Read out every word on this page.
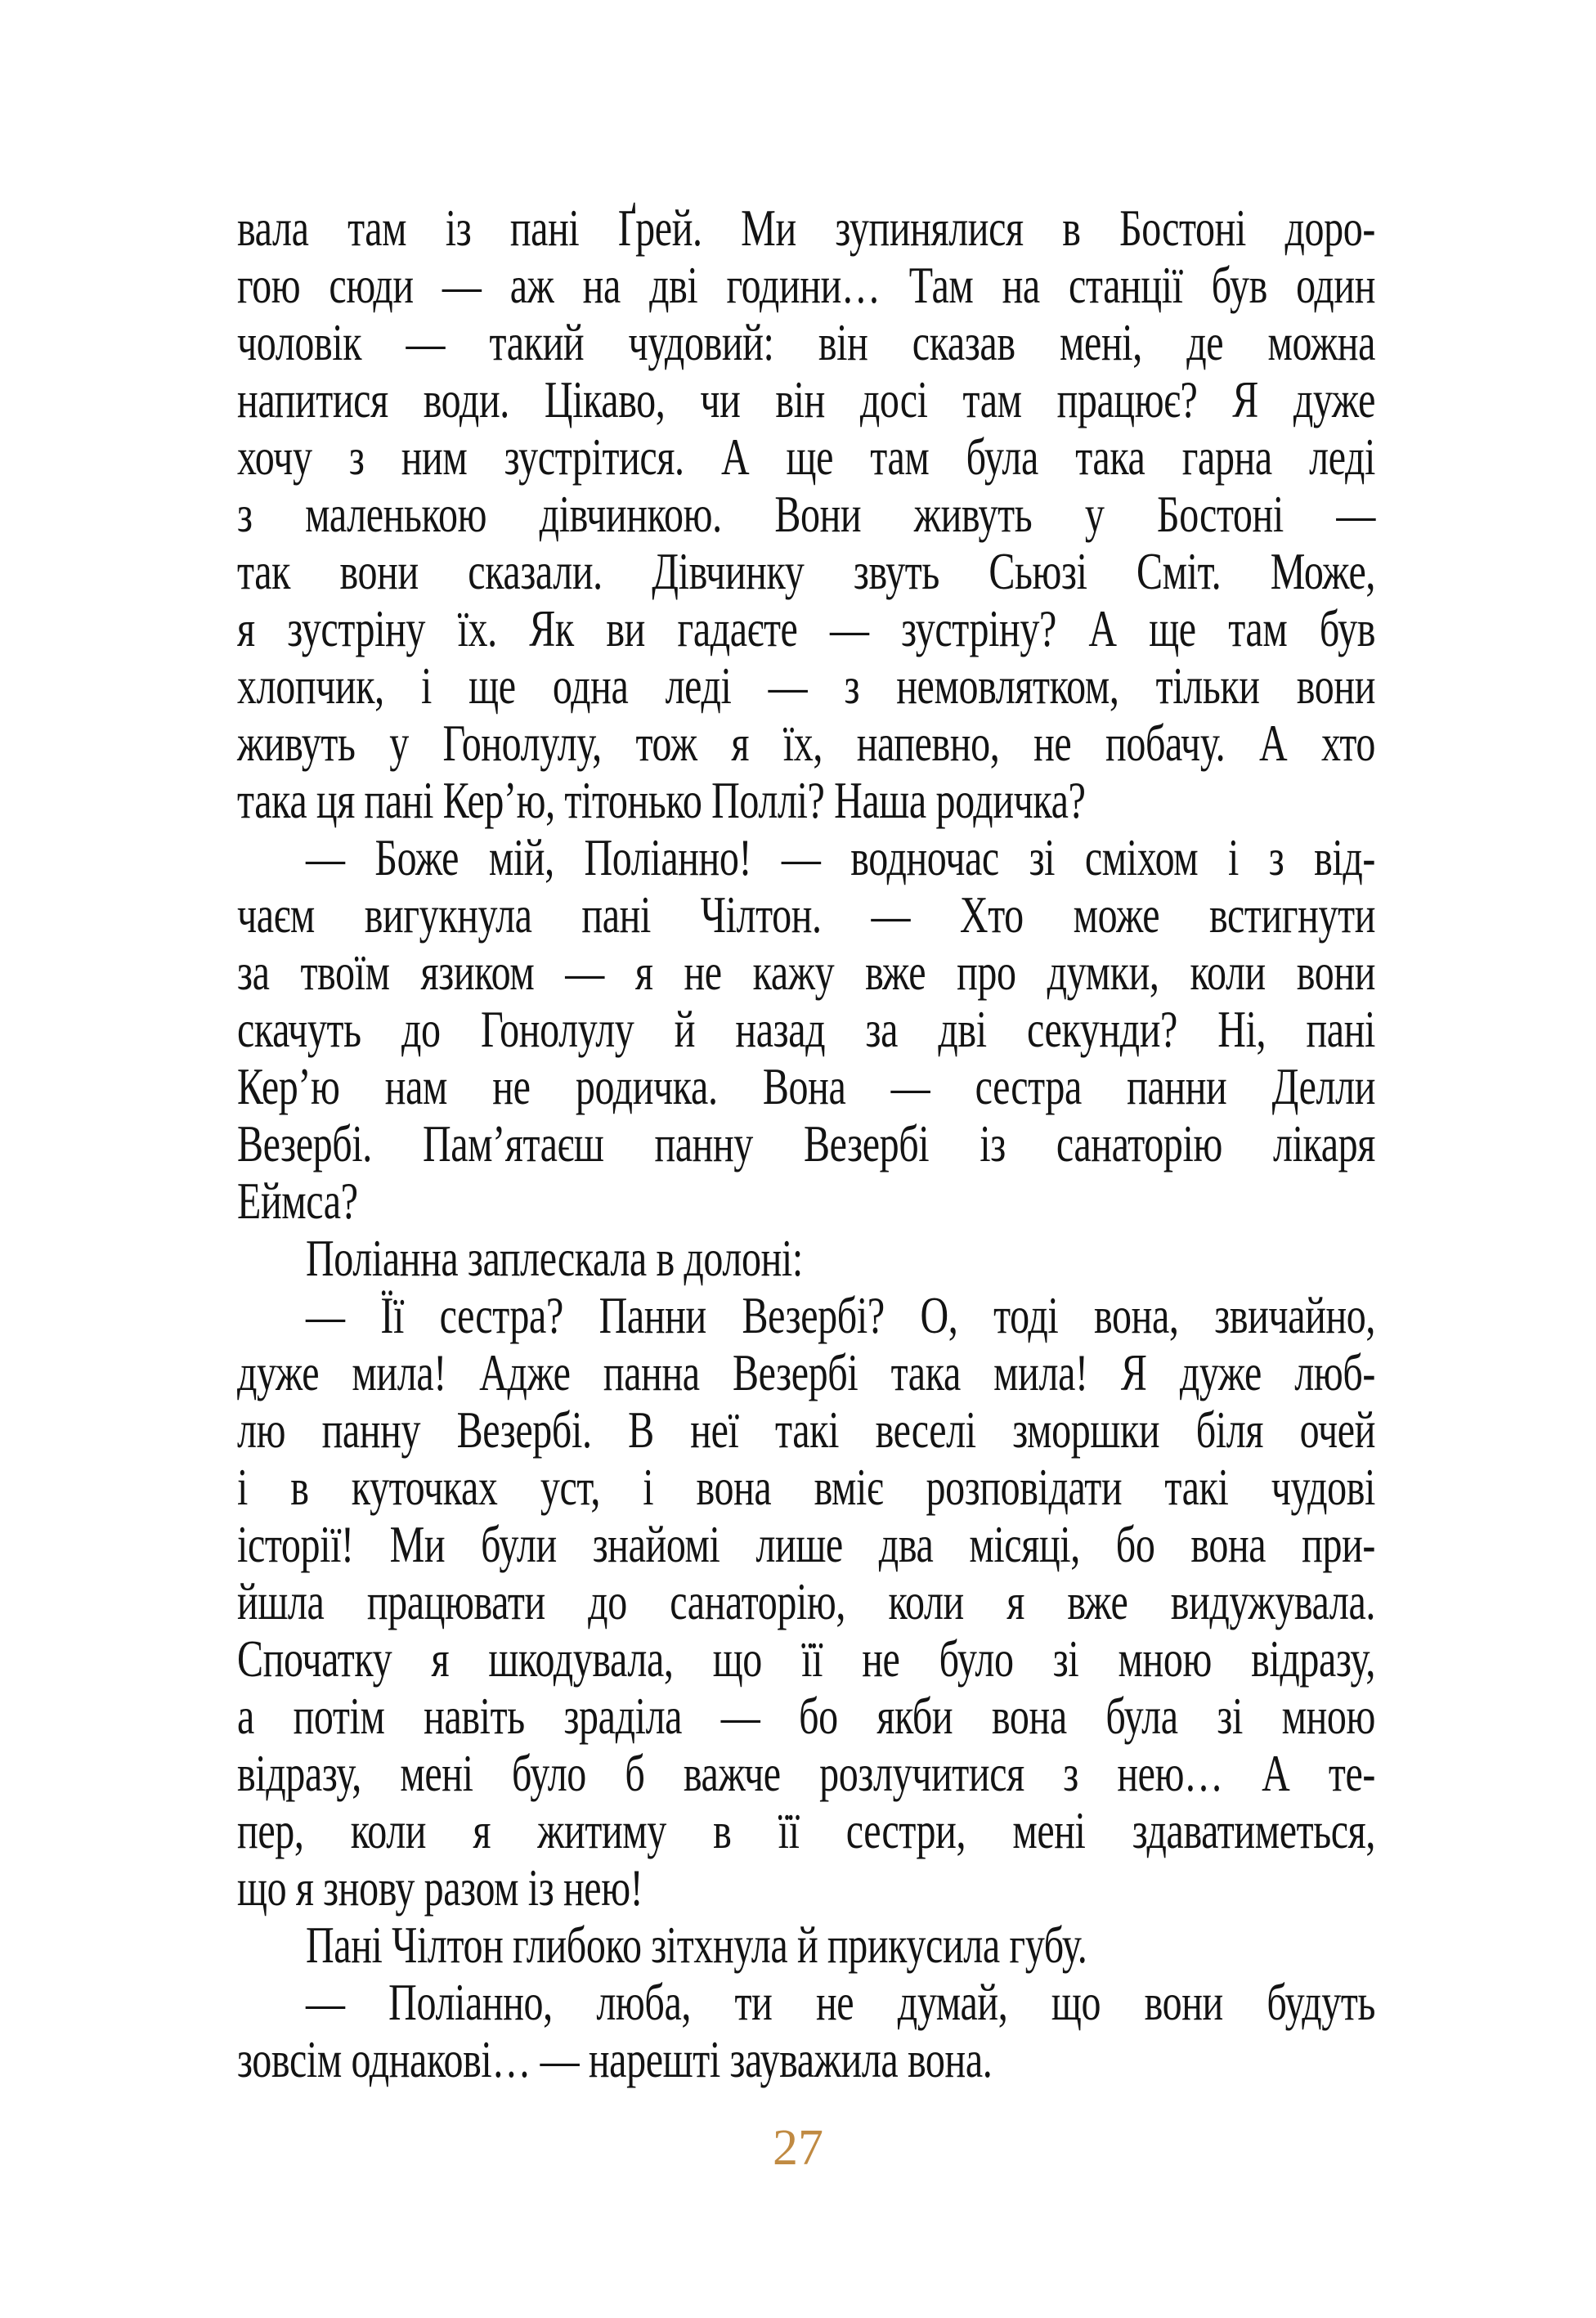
вала там із пані Ґрей. Ми зупинялися в Бостоні доро-
гою сюди — аж на дві години… Там на станції був один
чоловік — такий чудовий: він сказав мені, де можна
напитися води. Цікаво, чи він досі там працює? Я дуже
хочу з ним зустрітися. А ще там була така гарна леді
з маленькою дівчинкою. Вони живуть у Бостоні —
так вони сказали. Дівчинку звуть Сьюзі Сміт. Може,
я зустріну їх. Як ви гадаєте — зустріну? А ще там був
хлопчик, і ще одна леді — з немовлятком, тільки вони
живуть у Гонолулу, тож я їх, напевно, не побачу. А хто
така ця пані Кер’ю, тітонько Поллі? Наша родичка?
— Боже мій, Поліанно! — водночас зі сміхом і з від-
чаєм вигукнула пані Чілтон. — Хто може встигнути
за твоїм язиком — я не кажу вже про думки, коли вони
скачуть до Гонолулу й назад за дві секунди? Ні, пані
Кер’ю нам не родичка. Вона — сестра панни Делли
Везербі. Пам’ятаєш панну Везербі із санаторію лікаря
Еймса?
Поліанна заплескала в долоні:
— Її сестра? Панни Везербі? О, тоді вона, звичайно,
дуже мила! Адже панна Везербі така мила! Я дуже люб-
лю панну Везербі. В неї такі веселі зморшки біля очей
і в куточках уст, і вона вміє розповідати такі чудові
історії! Ми були знайомі лише два місяці, бо вона при-
йшла працювати до санаторію, коли я вже видужувала.
Спочатку я шкодувала, що її не було зі мною відразу,
а потім навіть зраділа — бо якби вона була зі мною
відразу, мені було б важче розлучитися з нею… А те-
пер, коли я житиму в її сестри, мені здаватиметься,
що я знову разом із нею!
Пані Чілтон глибоко зітхнула й прикусила губу.
— Поліанно, люба, ти не думай, що вони будуть
зовсім однакові… — нарешті зауважила вона.
27
